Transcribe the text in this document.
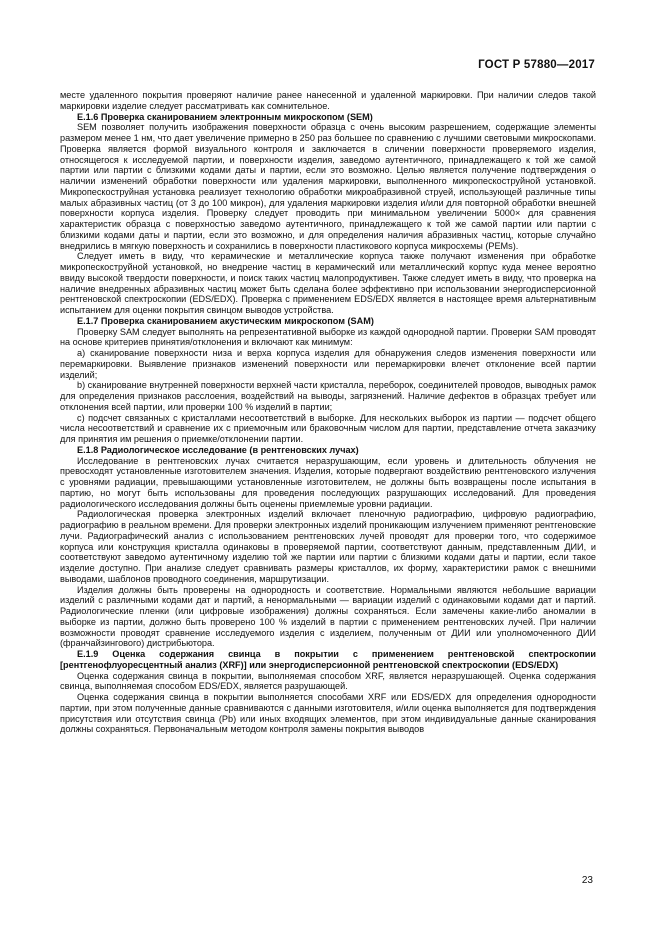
ГОСТ Р 57880—2017

месте удаленного покрытия проверяют наличие ранее нанесенной и удаленной маркировки. При наличии следов такой маркировки изделие следует рассматривать как сомнительное.

Е.1.6 Проверка сканированием электронным микроскопом (SEM)

SEM позволяет получить изображения поверхности образца с очень высоким разрешением, содержащие элементы размером менее 1 нм, что дает увеличение примерно в 250 раз большее по сравнению с лучшими световыми микроскопами. Проверка является формой визуального контроля и заключается в сличении поверхности проверяемого изделия, относящегося к исследуемой партии, и поверхности изделия, заведомо аутентичного, принадлежащего к той же самой партии или партии с близкими кодами даты и партии, если это возможно. Целью является получение подтверждения о наличии изменений обработки поверхности или удаления маркировки, выполненного микропескоструйной установкой. Микропескоструйная установка реализует технологию обработки микроабразивной струей, использующей различные типы малых абразивных частиц (от 3 до 100 микрон), для удаления маркировки изделия и/или для повторной обработки внешней поверхности корпуса изделия. Проверку следует проводить при минимальном увеличении 5000× для сравнения характеристик образца с поверхностью заведомо аутентичного, принадлежащего к той же самой партии или партии с близкими кодами даты и партии, если это возможно, и для определения наличия абразивных частиц, которые случайно внедрились в мягкую поверхность и сохранились в поверхности пластикового корпуса микросхемы (PEMs).

Следует иметь в виду, что керамические и металлические корпуса также получают изменения при обработке микропескоструйной установкой, но внедрение частиц в керамический или металлический корпус куда менее вероятно ввиду высокой твердости поверхности, и поиск таких частиц малопродуктивен. Также следует иметь в виду, что проверка на наличие внедренных абразивных частиц может быть сделана более эффективно при использовании энергодисперсионной рентгеновской спектроскопии (EDS/EDX). Проверка с применением EDS/EDX является в настоящее время альтернативным испытанием для оценки покрытия свинцом выводов устройства.

Е.1.7 Проверка сканированием акустическим микроскопом (SAM)

Проверку SAM следует выполнять на репрезентативной выборке из каждой однородной партии. Проверки SAM проводят на основе критериев принятия/отклонения и включают как минимум:

а) сканирование поверхности низа и верха корпуса изделия для обнаружения следов изменения поверхности или перемаркировки. Выявление признаков изменений поверхности или перемаркировки влечет отклонение всей партии изделий;

b) сканирование внутренней поверхности верхней части кристалла, переборок, соединителей проводов, выводных рамок для определения признаков расслоения, воздействий на выводы, загрязнений. Наличие дефектов в образцах требует или отклонения всей партии, или проверки 100 % изделий в партии;

с) подсчет связанных с кристаллами несоответствий в выборке. Для нескольких выборок из партии — подсчет общего числа несоответствий и сравнение их с приемочным или браковочным числом для партии, представление отчета заказчику для принятия им решения о приемке/отклонении партии.

Е.1.8 Радиологическое исследование (в рентгеновских лучах)

Исследование в рентгеновских лучах считается неразрушающим, если уровень и длительность облучения не превосходят установленные изготовителем значения. Изделия, которые подвергают воздействию рентгеновского излучения с уровнями радиации, превышающими установленные изготовителем, не должны быть возвращены после испытания в партию, но могут быть использованы для проведения последующих разрушающих исследований. Для проведения радиологического исследования должны быть оценены приемлемые уровни радиации.

Радиологическая проверка электронных изделий включает пленочную радиографию, цифровую радиографию, радиографию в реальном времени. Для проверки электронных изделий проникающим излучением применяют рентгеновские лучи. Радиографический анализ с использованием рентгеновских лучей проводят для проверки того, что содержимое корпуса или конструкция кристалла одинаковы в проверяемой партии, соответствуют данным, представленным ДИИ, и соответствуют заведомо аутентичному изделию той же партии или партии с близкими кодами даты и партии, если такое изделие доступно. При анализе следует сравнивать размеры кристаллов, их форму, характеристики рамок с внешними выводами, шаблонов проводного соединения, маршрутизации.

Изделия должны быть проверены на однородность и соответствие. Нормальными являются небольшие вариации изделий с различными кодами дат и партий, а ненормальными — вариации изделий с одинаковыми кодами дат и партий. Радиологические пленки (или цифровые изображения) должны сохраняться. Если замечены какие-либо аномалии в выборке из партии, должно быть проверено 100 % изделий в партии с применением рентгеновских лучей. При наличии возможности проводят сравнение исследуемого изделия с изделием, полученным от ДИИ или уполномоченного ДИИ (франчайзингового) дистрибьютора.

Е.1.9 Оценка содержания свинца в покрытии с применением рентгеновской спектроскопии [рентгенофлуоресцентный анализ (XRF)] или энергодисперсионной рентгеновской спектроскопии (EDS/EDX)

Оценка содержания свинца в покрытии, выполняемая способом XRF, является неразрушающей. Оценка содержания свинца, выполняемая способом EDS/EDX, является разрушающей.

Оценка содержания свинца в покрытии выполняется способами XRF или EDS/EDX для определения однородности партии, при этом полученные данные сравниваются с данными изготовителя, и/или оценка выполняется для подтверждения присутствия или отсутствия свинца (Pb) или иных входящих элементов, при этом индивидуальные данные сканирования должны сохраняться. Первоначальным методом контроля замены покрытия выводов

23
